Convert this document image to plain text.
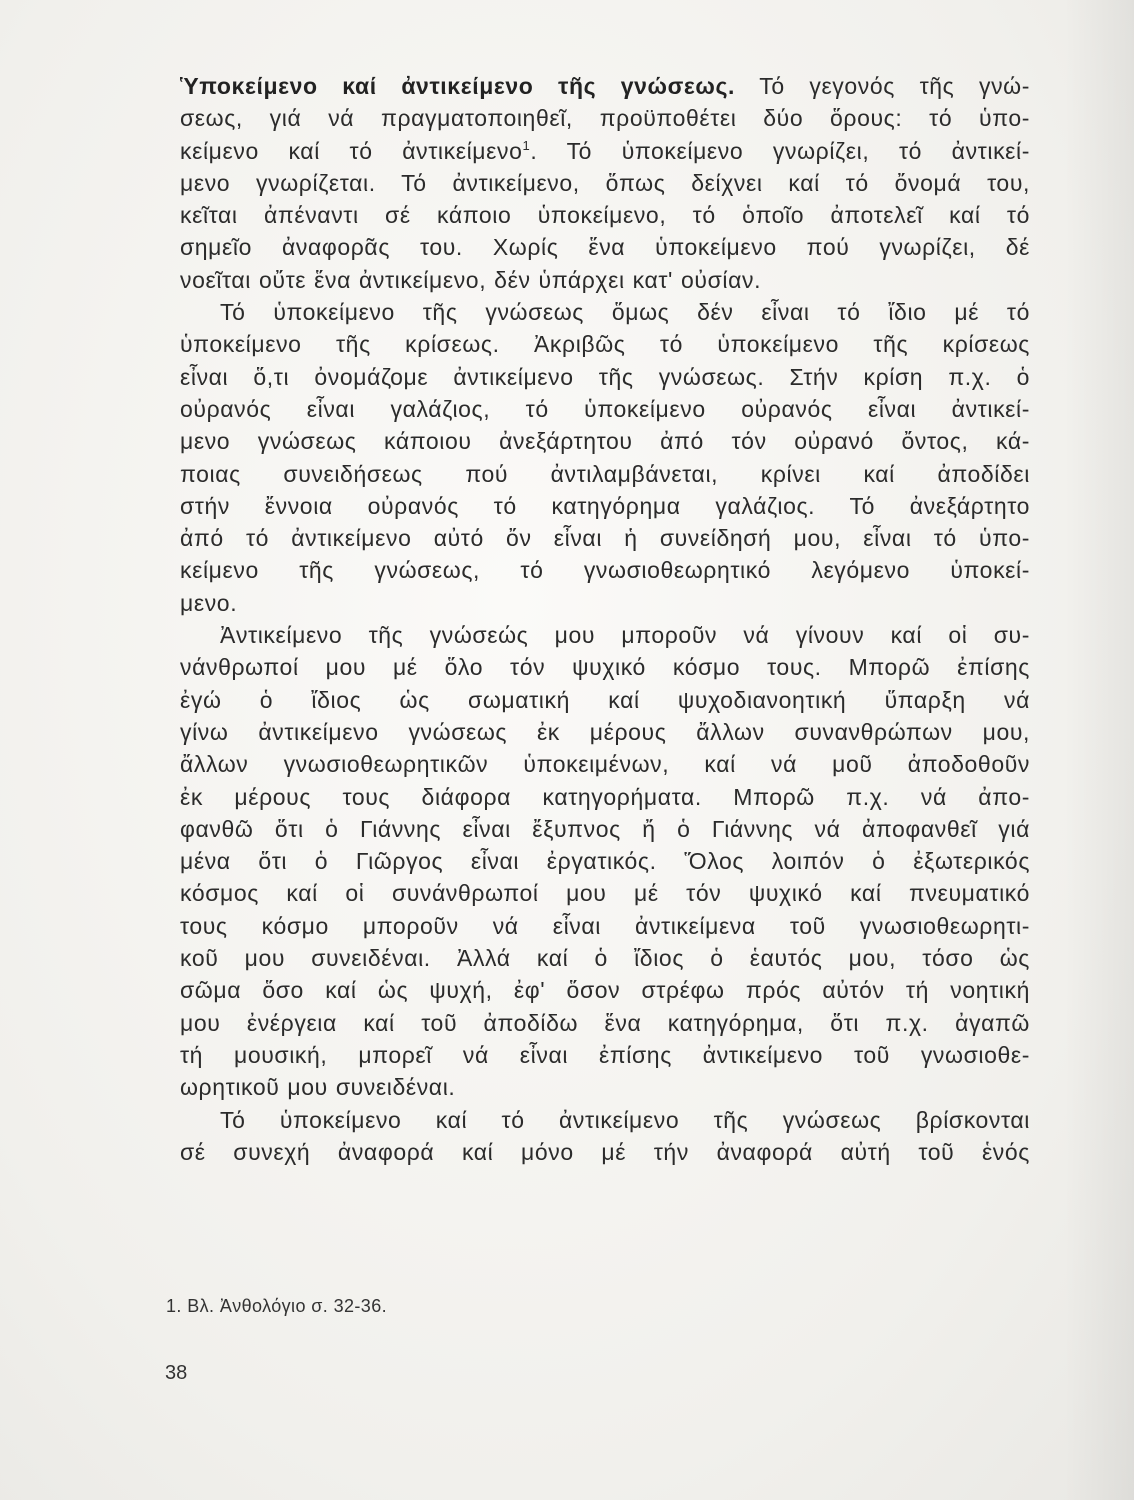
Ὑποκείμενο καί ἀντικείμενο τῆς γνώσεως. Τό γεγονός τῆς γνώ-
σεως, γιά νά πραγματοποιηθεῖ, προϋποθέτει δύο ὅρους: τό ὑπο-
κείμενο καί τό ἀντικείμενο$^1$. Τό ὑποκείμενο γνωρίζει, τό ἀντικεί-
μενο γνωρίζεται. Τό ἀντικείμενο, ὅπως δείχνει καί τό ὄνομά του,
κεῖται ἀπέναντι σέ κάποιο ὑποκείμενο, τό ὁποῖο ἀποτελεῖ καί τό
σημεῖο ἀναφορᾶς του. Χωρίς ἕνα ὑποκείμενο πού γνωρίζει, δέ
νοεῖται οὔτε ἕνα ἀντικείμενο, δέν ὑπάρχει κατ' οὐσίαν.
Τό ὑποκείμενο τῆς γνώσεως ὅμως δέν εἶναι τό ἴδιο μέ τό
ὑποκείμενο τῆς κρίσεως. Ἀκριβῶς τό ὑποκείμενο τῆς κρίσεως
εἶναι ὅ,τι ὀνομάζομε ἀντικείμενο τῆς γνώσεως. Στήν κρίση π.χ. ὁ
οὐρανός εἶναι γαλάζιος, τό ὑποκείμενο οὐρανός εἶναι ἀντικεί-
μενο γνώσεως κάποιου ἀνεξάρτητου ἀπό τόν οὐρανό ὄντος, κά-
ποιας συνειδήσεως πού ἀντιλαμβάνεται, κρίνει καί ἀποδίδει
στήν ἔννοια οὐρανός τό κατηγόρημα γαλάζιος. Τό ἀνεξάρτητο
ἀπό τό ἀντικείμενο αὐτό ὄν εἶναι ἡ συνείδησή μου, εἶναι τό ὑπο-
κείμενο τῆς γνώσεως, τό γνωσιοθεωρητικό λεγόμενο ὑποκεί-
μενο.
Ἀντικείμενο τῆς γνώσεώς μου μποροῦν νά γίνουν καί οἱ συ-
νάνθρωποί μου μέ ὅλο τόν ψυχικό κόσμο τους. Μπορῶ ἐπίσης
ἐγώ ὁ ἴδιος ὡς σωματική καί ψυχοδιανοητική ὕπαρξη νά
γίνω ἀντικείμενο γνώσεως ἐκ μέρους ἄλλων συνανθρώπων μου,
ἄλλων γνωσιοθεωρητικῶν ὑποκειμένων, καί νά μοῦ ἀποδοθοῦν
ἐκ μέρους τους διάφορα κατηγορήματα. Μπορῶ π.χ. νά ἀπο-
φανθῶ ὅτι ὁ Γιάννης εἶναι ἔξυπνος ἤ ὁ Γιάννης νά ἀποφανθεῖ γιά
μένα ὅτι ὁ Γιῶργος εἶναι ἐργατικός. Ὅλος λοιπόν ὁ ἐξωτερικός
κόσμος καί οἱ συνάνθρωποί μου μέ τόν ψυχικό καί πνευματικό
τους κόσμο μποροῦν νά εἶναι ἀντικείμενα τοῦ γνωσιοθεωρητι-
κοῦ μου συνειδέναι. Ἀλλά καί ὁ ἴδιος ὁ ἑαυτός μου, τόσο ὡς
σῶμα ὅσο καί ὡς ψυχή, ἐφ' ὅσον στρέφω πρός αὐτόν τή νοητική
μου ἐνέργεια καί τοῦ ἀποδίδω ἕνα κατηγόρημα, ὅτι π.χ. ἀγαπῶ
τή μουσική, μπορεῖ νά εἶναι ἐπίσης ἀντικείμενο τοῦ γνωσιοθε-
ωρητικοῦ μου συνειδέναι.
Τό ὑποκείμενο καί τό ἀντικείμενο τῆς γνώσεως βρίσκονται
σέ συνεχή ἀναφορά καί μόνο μέ τήν ἀναφορά αὐτή τοῦ ἑνός
1. Βλ. Ἀνθολόγιο σ. 32-36.
38
